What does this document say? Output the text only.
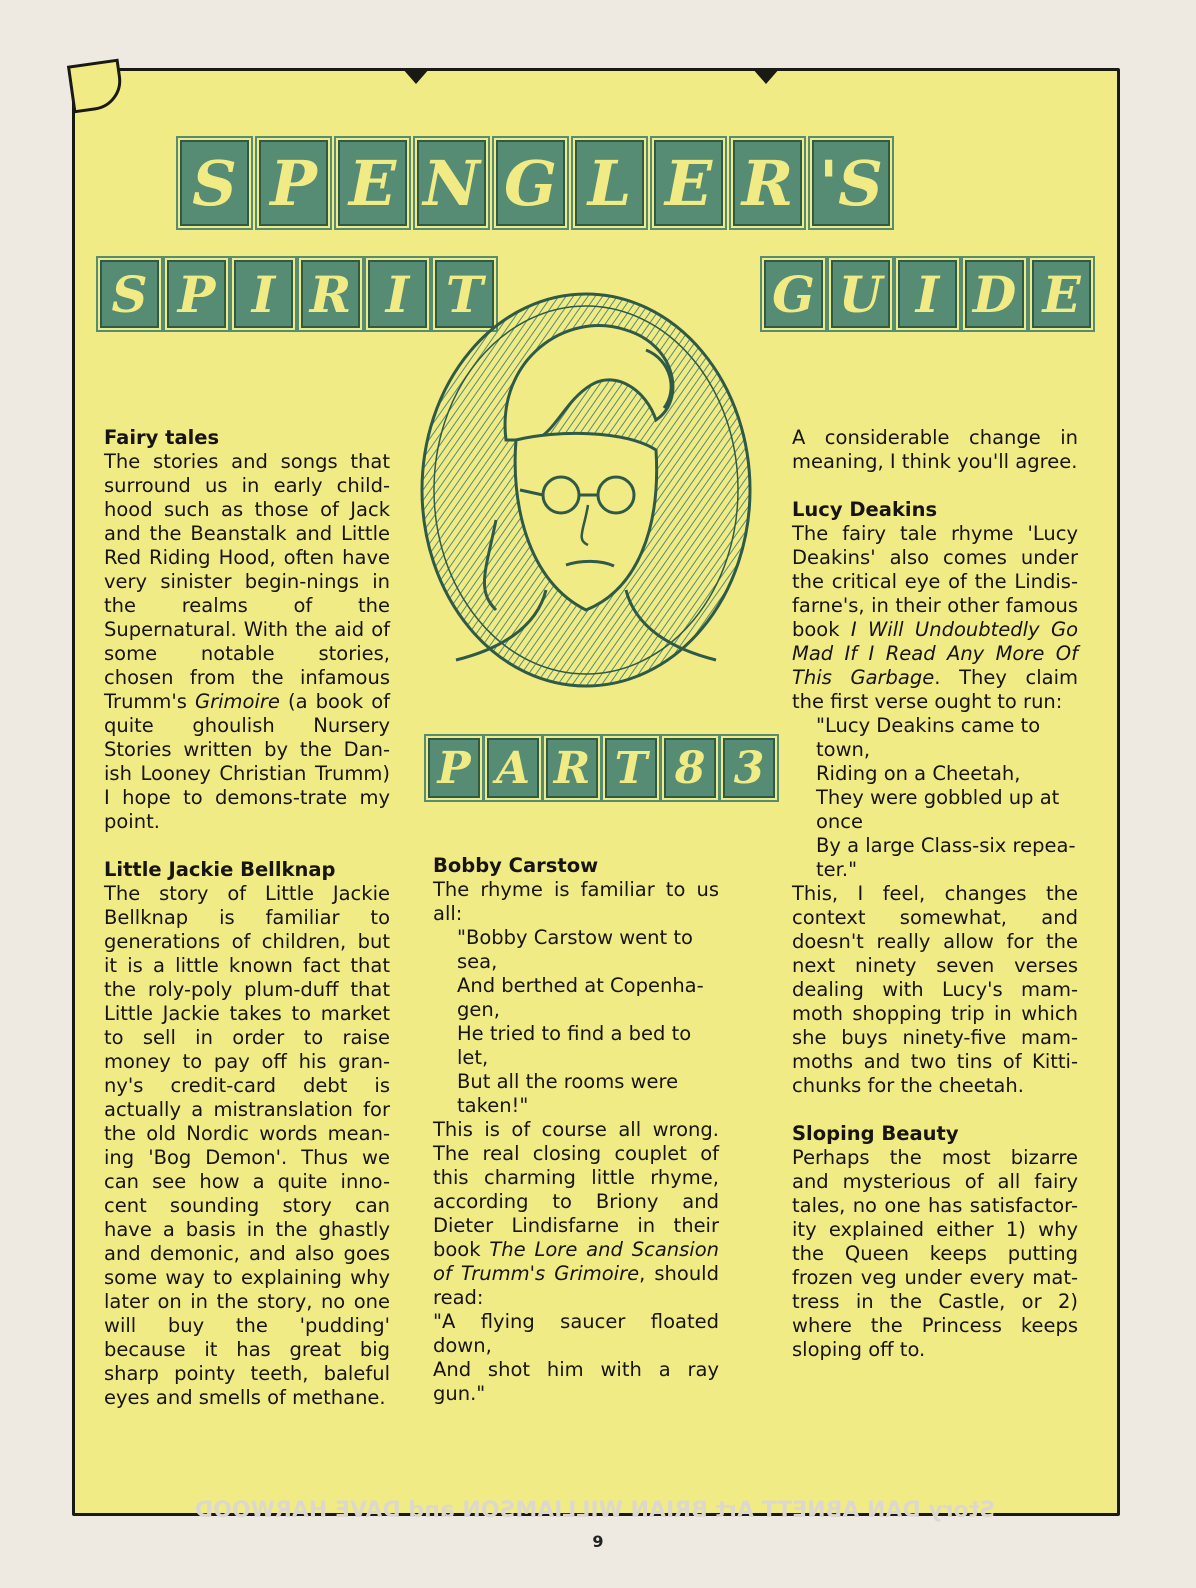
S P E N G L E R 'S
S P I R I T	G U I D E
P A R T 8 3
Fairy tales

The stories and songs that surround us in early child-hood such as those of Jack and the Beanstalk and Little Red Riding Hood, often have very sinister begin-nings in the realms of the Supernatural. With the aid of some notable stories, chosen from the infamous Trumm's Grimoire (a book of quite ghoulish Nursery Stories written by the Dan-ish Looney Christian Trumm) I hope to demons-trate my point.

Little Jackie Bellknap

The story of Little Jackie Bellknap is familiar to generations of children, but it is a little known fact that the roly-poly plum-duff that Little Jackie takes to market to sell in order to raise money to pay off his gran-ny's credit-card debt is actually a mistranslation for the old Nordic words mean-ing 'Bog Demon'. Thus we can see how a quite inno-cent sounding story can have a basis in the ghastly and demonic, and also goes some way to explaining why later on in the story, no one will buy the 'pudding' because it has great big sharp pointy teeth, baleful eyes and smells of methane.

Bobby Carstow

The rhyme is familiar to us all:

"Bobby Carstow went to sea,

And berthed at Copenha-gen,

He tried to find a bed to let,

But all the rooms were taken!"

This is of course all wrong. The real closing couplet of this charming little rhyme, according to Briony and Dieter Lindisfarne in their book The Lore and Scansion of Trumm's Grimoire, should read:

"A flying saucer floated down,

And shot him with a ray gun."

A considerable change in meaning, I think you'll agree.

Lucy Deakins

The fairy tale rhyme 'Lucy Deakins' also comes under the critical eye of the Lindis-farne's, in their other famous book I Will Undoubtedly Go Mad If I Read Any More Of This Garbage. They claim the first verse ought to run:

"Lucy Deakins came to town,

Riding on a Cheetah,

They were gobbled up at once

By a large Class-six repea-ter."

This, I feel, changes the context somewhat, and doesn't really allow for the next ninety seven verses dealing with Lucy's mam-moth shopping trip in which she buys ninety-five mam-moths and two tins of Kitti-chunks for the cheetah.

Sloping Beauty

Perhaps the most bizarre and mysterious of all fairy tales, no one has satisfactor-ity explained either 1) why the Queen keeps putting frozen veg under every mat-tress in the Castle, or 2) where the Princess keeps sloping off to.

Story DAN ABNETT Art BRIAN WILLIAMSON and DAVE HARWOOD
9
